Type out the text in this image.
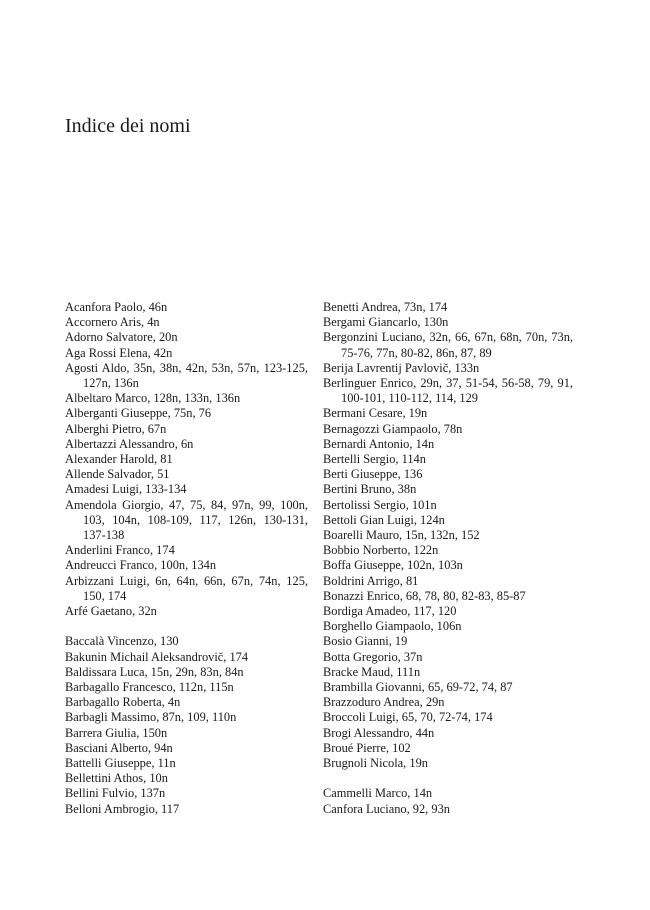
Indice dei nomi
Acanfora Paolo, 46n
Accornero Aris, 4n
Adorno Salvatore, 20n
Aga Rossi Elena, 42n
Agosti Aldo, 35n, 38n, 42n, 53n, 57n, 123-125, 127n, 136n
Albeltaro Marco, 128n, 133n, 136n
Alberganti Giuseppe, 75n, 76
Alberghi Pietro, 67n
Albertazzi Alessandro, 6n
Alexander Harold, 81
Allende Salvador, 51
Amadesi Luigi, 133-134
Amendola Giorgio, 47, 75, 84, 97n, 99, 100n, 103, 104n, 108-109, 117, 126n, 130-131, 137-138
Anderlini Franco, 174
Andreucci Franco, 100n, 134n
Arbizzani Luigi, 6n, 64n, 66n, 67n, 74n, 125, 150, 174
Arfé Gaetano, 32n
Baccalà Vincenzo, 130
Bakunin Michail Aleksandrovič, 174
Baldissara Luca, 15n, 29n, 83n, 84n
Barbagallo Francesco, 112n, 115n
Barbagallo Roberta, 4n
Barbagli Massimo, 87n, 109, 110n
Barrera Giulia, 150n
Basciani Alberto, 94n
Battelli Giuseppe, 11n
Bellettini Athos, 10n
Bellini Fulvio, 137n
Belloni Ambrogio, 117
Benetti Andrea, 73n, 174
Bergami Giancarlo, 130n
Bergonzini Luciano, 32n, 66, 67n, 68n, 70n, 73n, 75-76, 77n, 80-82, 86n, 87, 89
Berija Lavrentij Pavlovič, 133n
Berlinguer Enrico, 29n, 37, 51-54, 56-58, 79, 91, 100-101, 110-112, 114, 129
Bermani Cesare, 19n
Bernagozzi Giampaolo, 78n
Bernardi Antonio, 14n
Bertelli Sergio, 114n
Berti Giuseppe, 136
Bertini Bruno, 38n
Bertolissi Sergio, 101n
Bettoli Gian Luigi, 124n
Boarelli Mauro, 15n, 132n, 152
Bobbio Norberto, 122n
Boffa Giuseppe, 102n, 103n
Boldrini Arrigo, 81
Bonazzi Enrico, 68, 78, 80, 82-83, 85-87
Bordiga Amadeo, 117, 120
Borghello Giampaolo, 106n
Bosio Gianni, 19
Botta Gregorio, 37n
Bracke Maud, 111n
Brambilla Giovanni, 65, 69-72, 74, 87
Brazzoduro Andrea, 29n
Broccoli Luigi, 65, 70, 72-74, 174
Brogi Alessandro, 44n
Broué Pierre, 102
Brugnoli Nicola, 19n
Cammelli Marco, 14n
Canfora Luciano, 92, 93n
